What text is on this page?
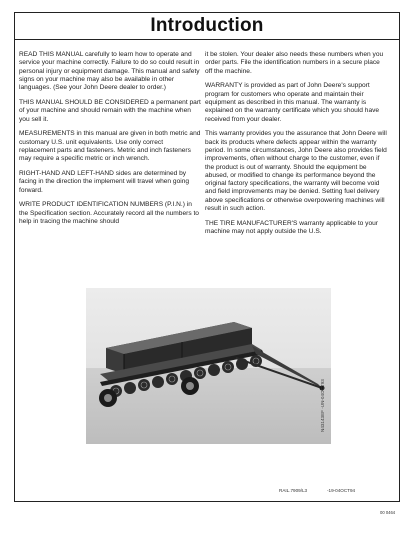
Introduction

READ THIS MANUAL carefully to learn how to operate and service your machine correctly. Failure to do so could result in personal injury or equipment damage. This manual and safety signs on your machine may also be available in other languages. (See your John Deere dealer to order.)

THIS MANUAL SHOULD BE CONSIDERED a permanent part of your machine and should remain with the machine when you sell it.

MEASUREMENTS in this manual are given in both metric and customary U.S. unit equivalents. Use only correct replacement parts and fasteners. Metric and inch fasteners may require a specific metric or inch wrench.

RIGHT-HAND AND LEFT-HAND sides are determined by facing in the direction the implement will travel when going forward.

WRITE PRODUCT IDENTIFICATION NUMBERS (P.I.N.) in the Specification section. Accurately record all the numbers to help in tracing the machine should

it be stolen. Your dealer also needs these numbers when you order parts. File the identification numbers in a secure place off the machine.

WARRANTY is provided as part of John Deere's support program for customers who operate and maintain their equipment as described in this manual. The warranty is explained on the warranty certificate which you should have received from your dealer.

This warranty provides you the assurance that John Deere will back its products where defects appear within the warranty period. In some circumstances, John Deere also provides field improvements, often without charge to the customer, even if the product is out of warranty. Should the equipment be abused, or modified to change its performance beyond the original factory specifications, the warranty will become void and field improvements may be denied. Setting fuel delivery above specifications or otherwise overpowering machines will result in such action.

THE TIRE MANUFACTURER'S warranty applicable to your machine may not apply outside the U.S.

N43143EF -UN-04OCT93
RAIL.7909/L3	-19-04OCT94
00 0464
